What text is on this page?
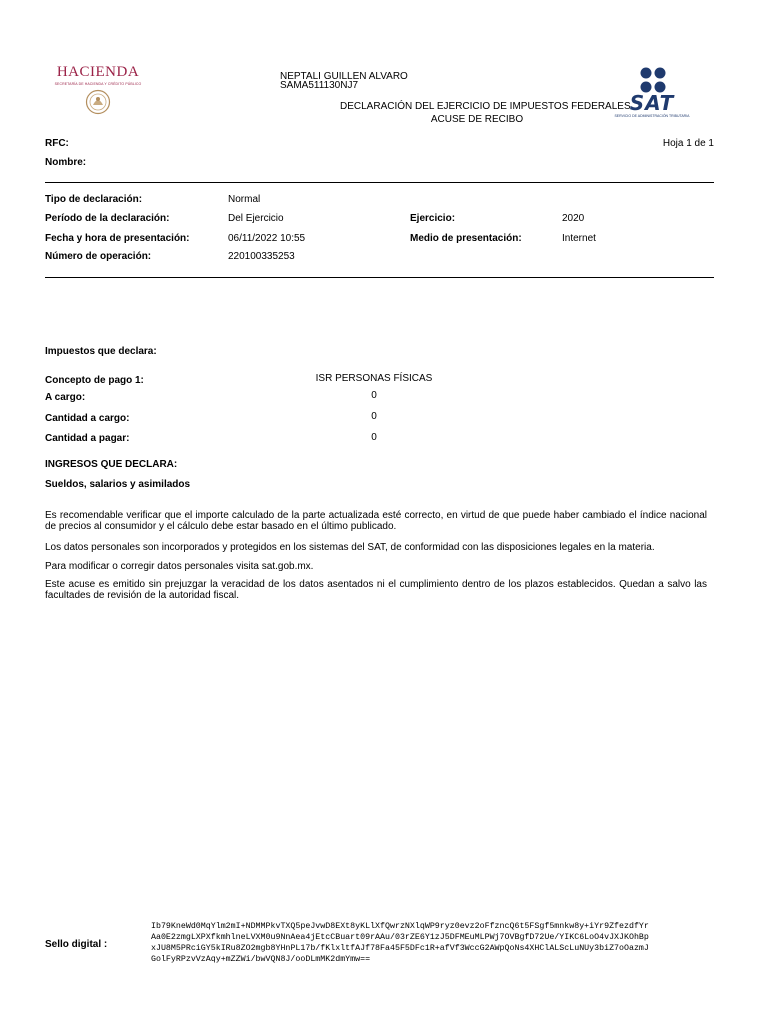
HACIENDA
SECRETARÍA DE HACIENDA Y CRÉDITO PÚBLICO
NEPTALI GUILLEN ALVARO
SAMA511130NJ7
DECLARACIÓN DEL EJERCICIO DE IMPUESTOS FEDERALES
ACUSE DE RECIBO
SAT
SERVICIO DE ADMINISTRACIÓN TRIBUTARIA
RFC:	Hoja 1 de 1
Nombre:
Tipo de declaración:	Normal
Período de la declaración:	Del Ejercicio	Ejercicio:	2020
Fecha y hora de presentación:	06/11/2022 10:55	Medio de presentación:	Internet
Número de operación:	220100335253
Impuestos que declara:
Concepto de pago 1:	ISR PERSONAS FÍSICAS
A cargo:	0
Cantidad a cargo:	0
Cantidad a pagar:	0
INGRESOS QUE DECLARA:
Sueldos, salarios y asimilados
Es recomendable verificar que el importe calculado de la parte actualizada esté correcto, en virtud de que puede haber cambiado el índice nacional de precios al consumidor y el cálculo debe estar basado en el último publicado.
Los datos personales son incorporados y protegidos en los sistemas del SAT, de conformidad con las disposiciones legales en la materia.
Para modificar o corregir datos personales visita sat.gob.mx.
Este acuse es emitido sin prejuzgar la veracidad de los datos asentados ni el cumplimiento dentro de los plazos establecidos. Quedan a salvo las facultades de revisión de la autoridad fiscal.
Sello digital :
Ib79KneWd0MqYlm2mI+NDMMPkvTXQ5peJvwD8EXt8yKLlXfQwrzNXlqWP9ryz0evz2oFfzncQ6t5FSgf5mnkw8y+iYr9ZfezdfYr
Aa0E2zmgLXPXfkmhlneLVXM0u9NnAea4jEtcCBuart09rAAu/03rZE6Y1zJ5DFMEuMLPWj7OVBgfD72Ue/YIKC6LoO4vJXJKOhBp
xJU8M5PRciGY5kIRu8ZO2mgb8YHnPL17b/fKlxltfAJf78Fa45F5DFc1R+afVf3WccG2AWpQoNs4XHClALScLuNUy3biZ7oOazmJ
GolFyRPzvVzAqy+mZZWi/bwVQN8J/ooDLmMK2dmYmw==
